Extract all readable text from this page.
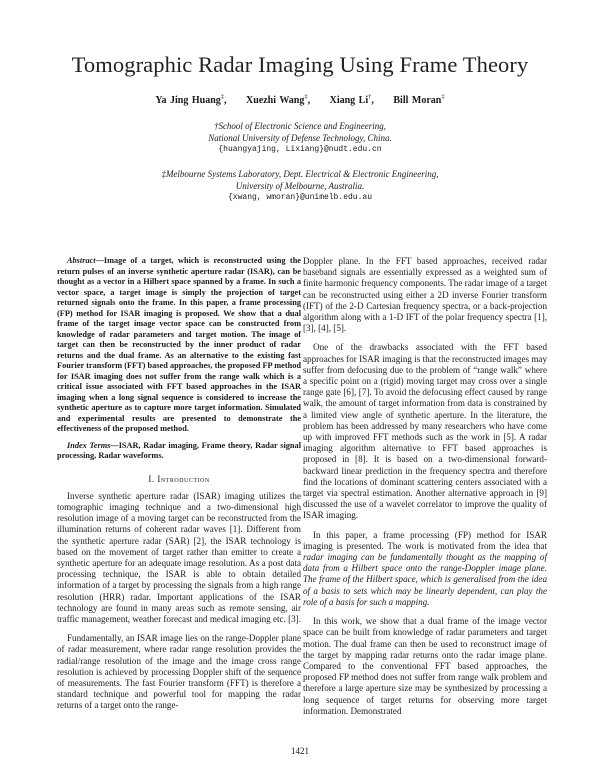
Tomographic Radar Imaging Using Frame Theory
Ya Jing Huang‡, Xuezhi Wang‡, Xiang Li†, Bill Moran‡
†School of Electronic Science and Engineering,
National University of Defense Technology, China.
{huangyajing, Lixiang}@nudt.edu.cn
‡Melbourne Systems Laboratory, Dept. Electrical & Electronic Engineering,
University of Melbourne, Australia.
{xwang, wmoran}@unimelb.edu.au

Abstract—Image of a target, which is reconstructed using the return pulses of an inverse synthetic aperture radar (ISAR), can be thought as a vector in a Hilbert space spanned by a frame. In such a vector space, a target image is simply the projection of target returned signals onto the frame. In this paper, a frame processing (FP) method for ISAR imaging is proposed. We show that a dual frame of the target image vector space can be constructed from knowledge of radar parameters and target motion. The image of target can then be reconstructed by the inner product of radar returns and the dual frame. As an alternative to the existing fast Fourier transform (FFT) based approaches, the proposed FP method for ISAR imaging does not suffer from the range walk which is a critical issue associated with FFT based approaches in the ISAR imaging when a long signal sequence is considered to increase the synthetic aperture as to capture more target information. Simulated and experimental results are presented to demonstrate the effectiveness of the proposed method.

Index Terms—ISAR, Radar imaging, Frame theory, Radar signal processing, Radar waveforms.

I. Introduction

Inverse synthetic aperture radar (ISAR) imaging utilizes the tomographic imaging technique and a two-dimensional high resolution image of a moving target can be reconstructed from the illumination returns of coherent radar waves [1]. Different from the synthetic aperture radar (SAR) [2], the ISAR technology is based on the movement of target rather than emitter to create a synthetic aperture for an adequate image resolution. As a post data processing technique, the ISAR is able to obtain detailed information of a target by processing the signals from a high range resolution (HRR) radar. Important applications of the ISAR technology are found in many areas such as remote sensing, air traffic management, weather forecast and medical imaging etc. [3].

Fundamentally, an ISAR image lies on the range-Doppler plane of radar measurement, where radar range resolution provides the radial/range resolution of the image and the image cross range resolution is achieved by processing Doppler shift of the sequence of measurements. The fast Fourier transform (FFT) is therefore a standard technique and powerful tool for mapping the radar returns of a target onto the range-

Doppler plane. In the FFT based approaches, received radar baseband signals are essentially expressed as a weighted sum of finite harmonic frequency components. The radar image of a target can be reconstructed using either a 2D inverse Fourier transform (IFT) of the 2-D Cartesian frequency spectra, or a back-projection algorithm along with a 1-D IFT of the polar frequency spectra [1], [3], [4], [5].

One of the drawbacks associated with the FFT based approaches for ISAR imaging is that the reconstructed images may suffer from defocusing due to the problem of “range walk” where a specific point on a (rigid) moving target may cross over a single range gate [6], [7]. To avoid the defocusing effect caused by range walk, the amount of target information from data is constrained by a limited view angle of synthetic aperture. In the literature, the problem has been addressed by many researchers who have come up with improved FFT methods such as the work in [5]. A radar imaging algorithm alternative to FFT based approaches is proposed in [8]. It is based on a two-dimensional forward-backward linear prediction in the frequency spectra and therefore find the locations of dominant scattering centers associated with a target via spectral estimation. Another alternative approach in [9] discussed the use of a wavelet correlator to improve the quality of ISAR imaging.

In this paper, a frame processing (FP) method for ISAR imaging is presented. The work is motivated from the idea that radar imaging can be fundamentally thought as the mapping of data from a Hilbert space onto the range-Doppler image plane. The frame of the Hilbert space, which is generalised from the idea of a basis to sets which may be linearly dependent, can play the role of a basis for such a mapping.

In this work, we show that a dual frame of the image vector space can be built from knowledge of radar parameters and target motion. The dual frame can then be used to reconstruct image of the target by mapping radar returns onto the radar image plane. Compared to the conventional FFT based approaches, the proposed FP method does not suffer from range walk problem and therefore a large aperture size may be synthesized by processing a long sequence of target returns for observing more target information. Demonstrated

1421
